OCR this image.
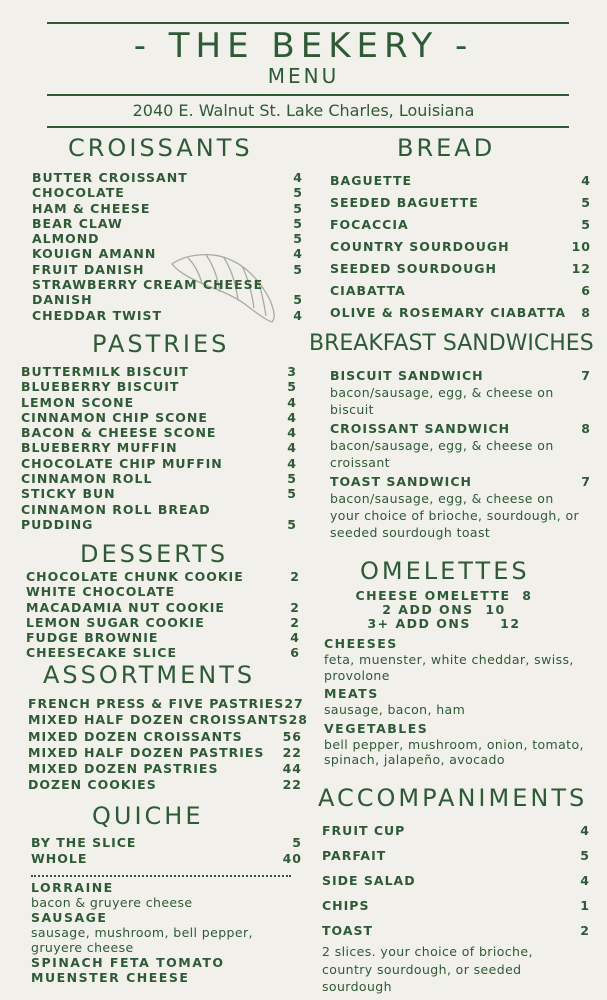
- THE BEKERY -
MENU
2040 E. Walnut St. Lake Charles, Louisiana
CROISSANTS
BUTTER CROISSANT	4
CHOCOLATE	5
HAM & CHEESE	5
BEAR CLAW	5
ALMOND	5
KOUIGN AMANN	4
FRUIT DANISH	5
STRAWBERRY CREAM CHEESE
DANISH	5
CHEDDAR TWIST	4
PASTRIES
BUTTERMILK BISCUIT	3
BLUEBERRY BISCUIT	5
LEMON SCONE	4
CINNAMON CHIP SCONE	4
BACON & CHEESE SCONE	4
BLUEBERRY MUFFIN	4
CHOCOLATE CHIP MUFFIN	4
CINNAMON ROLL	5
STICKY BUN	5
CINNAMON ROLL BREAD
PUDDING	5
DESSERTS
CHOCOLATE CHUNK COOKIE	2
WHITE CHOCOLATE
MACADAMIA NUT COOKIE	2
LEMON SUGAR COOKIE	2
FUDGE BROWNIE	4
CHEESECAKE SLICE	6
ASSORTMENTS
FRENCH PRESS & FIVE PASTRIES 27
MIXED HALF DOZEN CROISSANTS 28
MIXED DOZEN CROISSANTS	56
MIXED HALF DOZEN PASTRIES	22
MIXED DOZEN PASTRIES	44
DOZEN COOKIES	22
QUICHE
BY THE SLICE	5
WHOLE	40
LORRAINE
bacon & gruyere cheese
SAUSAGE
sausage, mushroom, bell pepper, gruyere cheese
SPINACH FETA TOMATO
MUENSTER CHEESE
BREAD
BAGUETTE	4
SEEDED BAGUETTE	5
FOCACCIA	5
COUNTRY SOURDOUGH	10
SEEDED SOURDOUGH	12
CIABATTA	6
OLIVE & ROSEMARY CIABATTA	8
BREAKFAST SANDWICHES
BISCUIT SANDWICH	7
bacon/sausage, egg, & cheese on biscuit
CROISSANT SANDWICH	8
bacon/sausage, egg, & cheese on croissant
TOAST SANDWICH	7
bacon/sausage, egg, & cheese on your choice of brioche, sourdough, or seeded sourdough toast
OMELETTES
CHEESE OMELETTE  8
2 ADD ONS  10
3+ ADD ONS     12
CHEESES
feta, muenster, white cheddar, swiss, provolone
MEATS
sausage, bacon, ham
VEGETABLES
bell pepper, mushroom, onion, tomato, spinach, jalapeño, avocado
ACCOMPANIMENTS
FRUIT CUP	4
PARFAIT	5
SIDE SALAD	4
CHIPS	1
TOAST	2
2 slices. your choice of brioche, country sourdough, or seeded sourdough
